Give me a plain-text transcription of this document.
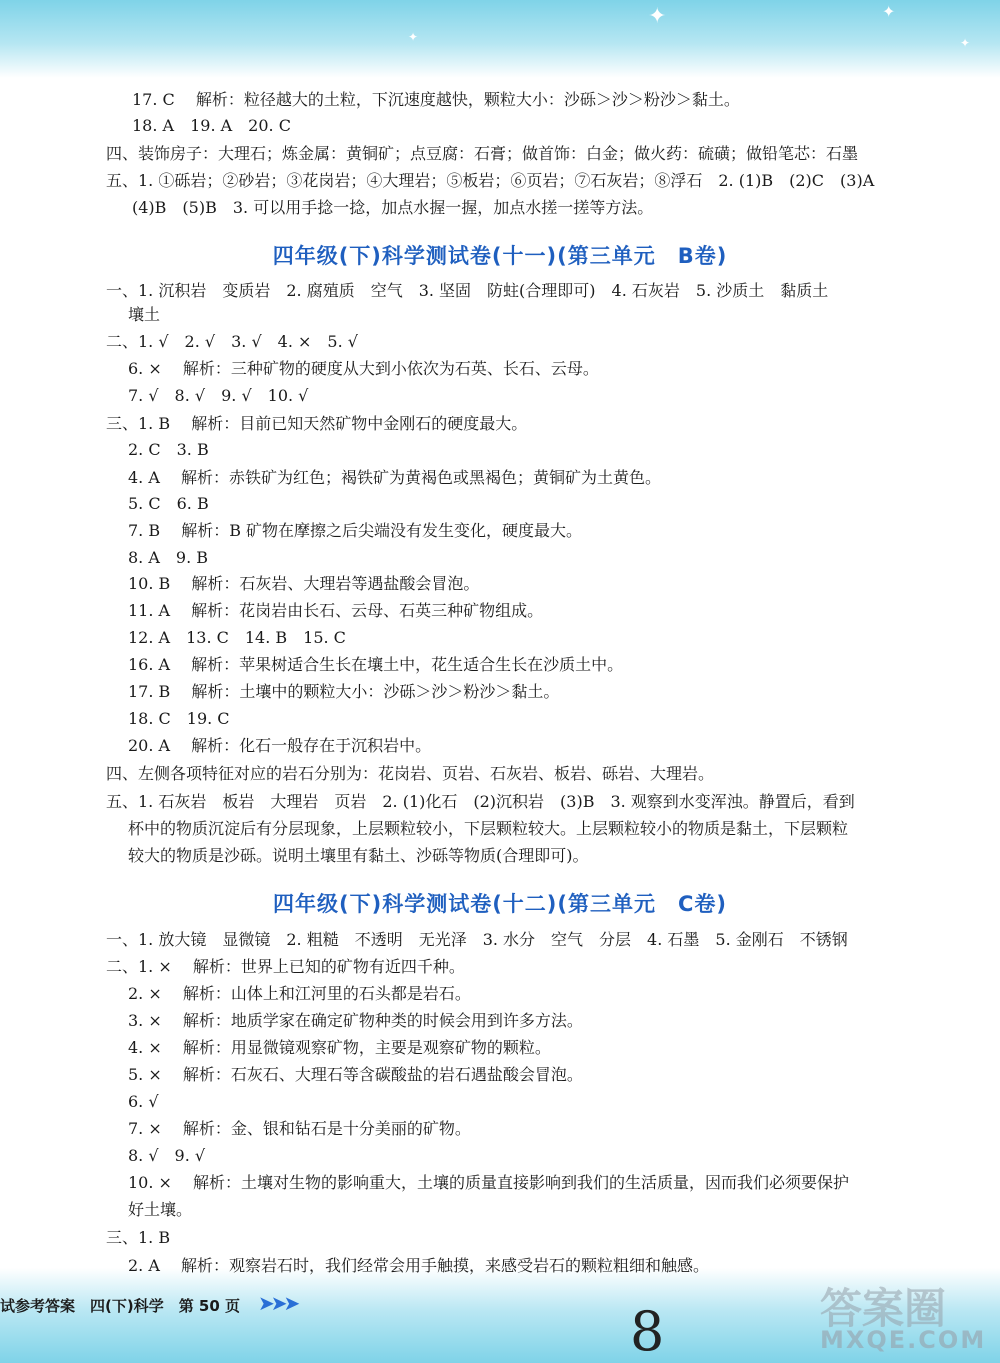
✦	✦
✦	✦
17. C　 解析：粒径越大的土粒，下沉速度越快，颗粒大小：沙砾＞沙＞粉沙＞黏土。
18. A　19. A　20. C
四、装饰房子：大理石；炼金属：黄铜矿；点豆腐：石膏；做首饰：白金；做火药：硫磺；做铅笔芯：石墨
五、1. ①砾岩；②砂岩；③花岗岩；④大理岩；⑤板岩；⑥页岩；⑦石灰岩；⑧浮石　2. (1)B　(2)C　(3)A
(4)B　(5)B　3. 可以用手捻一捻，加点水握一握，加点水搓一搓等方法。
四年级(下)科学测试卷(十一)(第三单元　B卷)
一、1. 沉积岩　变质岩　2. 腐殖质　空气　3. 坚固　防蛀(合理即可)　4. 石灰岩　5. 沙质土　黏质土
壤土
二、1. √　2. √　3. √　4. ×　5. √
6. ×　 解析：三种矿物的硬度从大到小依次为石英、长石、云母。
7. √　8. √　9. √　10. √
三、1. B　 解析：目前已知天然矿物中金刚石的硬度最大。
2. C　3. B
4. A　 解析：赤铁矿为红色；褐铁矿为黄褐色或黑褐色；黄铜矿为土黄色。
5. C　6. B
7. B　 解析：B 矿物在摩擦之后尖端没有发生变化，硬度最大。
8. A　9. B
10. B　 解析：石灰岩、大理岩等遇盐酸会冒泡。
11. A　 解析：花岗岩由长石、云母、石英三种矿物组成。
12. A　13. C　14. B　15. C
16. A　 解析：苹果树适合生长在壤土中，花生适合生长在沙质土中。
17. B　 解析：土壤中的颗粒大小：沙砾＞沙＞粉沙＞黏土。
18. C　19. C
20. A　 解析：化石一般存在于沉积岩中。
四、左侧各项特征对应的岩石分别为：花岗岩、页岩、石灰岩、板岩、砾岩、大理岩。
五、1. 石灰岩　板岩　大理岩　页岩　2. (1)化石　(2)沉积岩　(3)B　3. 观察到水变浑浊。静置后，看到
杯中的物质沉淀后有分层现象，上层颗粒较小，下层颗粒较大。上层颗粒较小的物质是黏土，下层颗粒
较大的物质是沙砾。说明土壤里有黏土、沙砾等物质(合理即可)。
四年级(下)科学测试卷(十二)(第三单元　C卷)
一、1. 放大镜　显微镜　2. 粗糙　不透明　无光泽　3. 水分　空气　分层　4. 石墨　5. 金刚石　不锈钢
二、1. ×　 解析：世界上已知的矿物有近四千种。
2. ×　 解析：山体上和江河里的石头都是岩石。
3. ×　 解析：地质学家在确定矿物种类的时候会用到许多方法。
4. ×　 解析：用显微镜观察矿物，主要是观察矿物的颗粒。
5. ×　 解析：石灰石、大理石等含碳酸盐的岩石遇盐酸会冒泡。
6. √
7. ×　 解析：金、银和钻石是十分美丽的矿物。
8. √　9. √
10. ×　 解析：土壤对生物的影响重大，土壤的质量直接影响到我们的生活质量，因而我们必须要保护
好土壤。
三、1. B
2. A　 解析：观察岩石时，我们经常会用手触摸，来感受岩石的颗粒粗细和触感。
试参考答案　四(下)科学　第 50 页 ➤➤➤	8	答案圈
MXQE.COM
